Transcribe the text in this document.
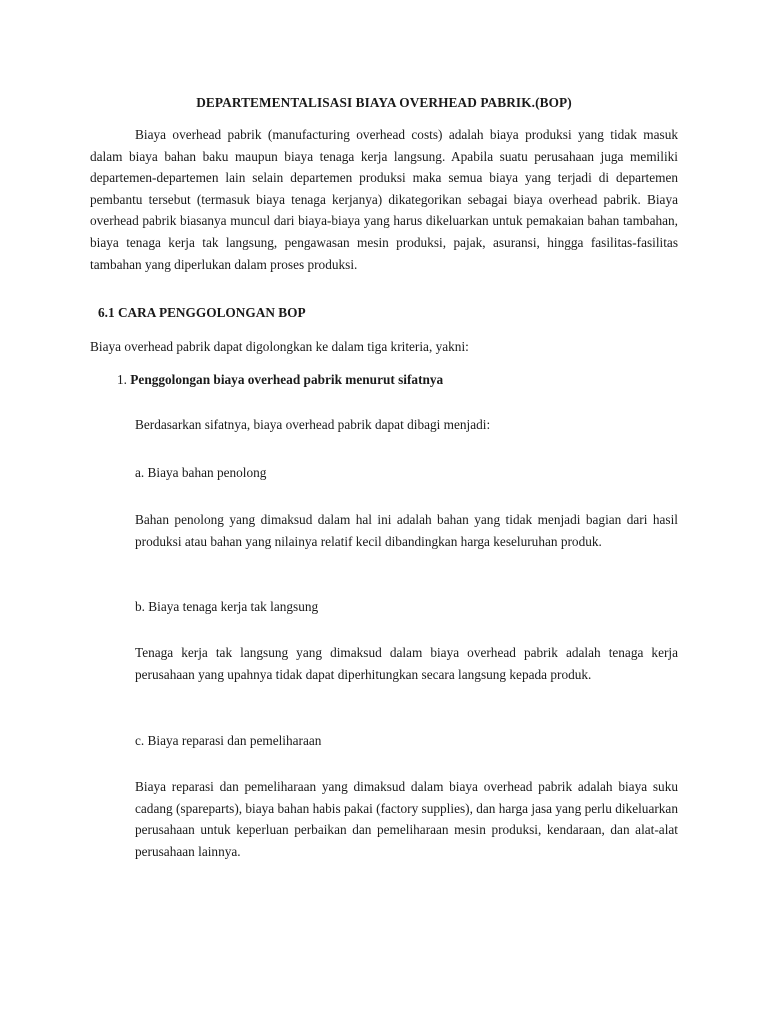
DEPARTEMENTALISASI BIAYA OVERHEAD PABRIK.(BOP)

Biaya overhead pabrik (manufacturing overhead costs) adalah biaya produksi yang tidak masuk dalam biaya bahan baku maupun biaya tenaga kerja langsung. Apabila suatu perusahaan juga memiliki departemen-departemen lain selain departemen produksi maka semua biaya yang terjadi di departemen pembantu tersebut (termasuk biaya tenaga kerjanya) dikategorikan sebagai biaya overhead pabrik. Biaya overhead pabrik biasanya muncul dari biaya-biaya yang harus dikeluarkan untuk pemakaian bahan tambahan, biaya tenaga kerja tak langsung, pengawasan mesin produksi, pajak, asuransi, hingga fasilitas-fasilitas tambahan yang diperlukan dalam proses produksi.

6.1 CARA PENGGOLONGAN BOP
Biaya overhead pabrik dapat digolongkan ke dalam tiga kriteria, yakni:
1. Penggolongan biaya overhead pabrik menurut sifatnya
Berdasarkan sifatnya, biaya overhead pabrik dapat dibagi menjadi:
a. Biaya bahan penolong

Bahan penolong yang dimaksud dalam hal ini adalah bahan yang tidak menjadi bagian dari hasil produksi atau bahan yang nilainya relatif kecil dibandingkan harga keseluruhan produk.

b. Biaya tenaga kerja tak langsung

Tenaga kerja tak langsung yang dimaksud dalam biaya overhead pabrik adalah tenaga kerja perusahaan yang upahnya tidak dapat diperhitungkan secara langsung kepada produk.

c. Biaya reparasi dan pemeliharaan

Biaya reparasi dan pemeliharaan yang dimaksud dalam biaya overhead pabrik adalah biaya suku cadang (spareparts), biaya bahan habis pakai (factory supplies), dan harga jasa yang perlu dikeluarkan perusahaan untuk keperluan perbaikan dan pemeliharaan mesin produksi, kendaraan, dan alat-alat perusahaan lainnya.
